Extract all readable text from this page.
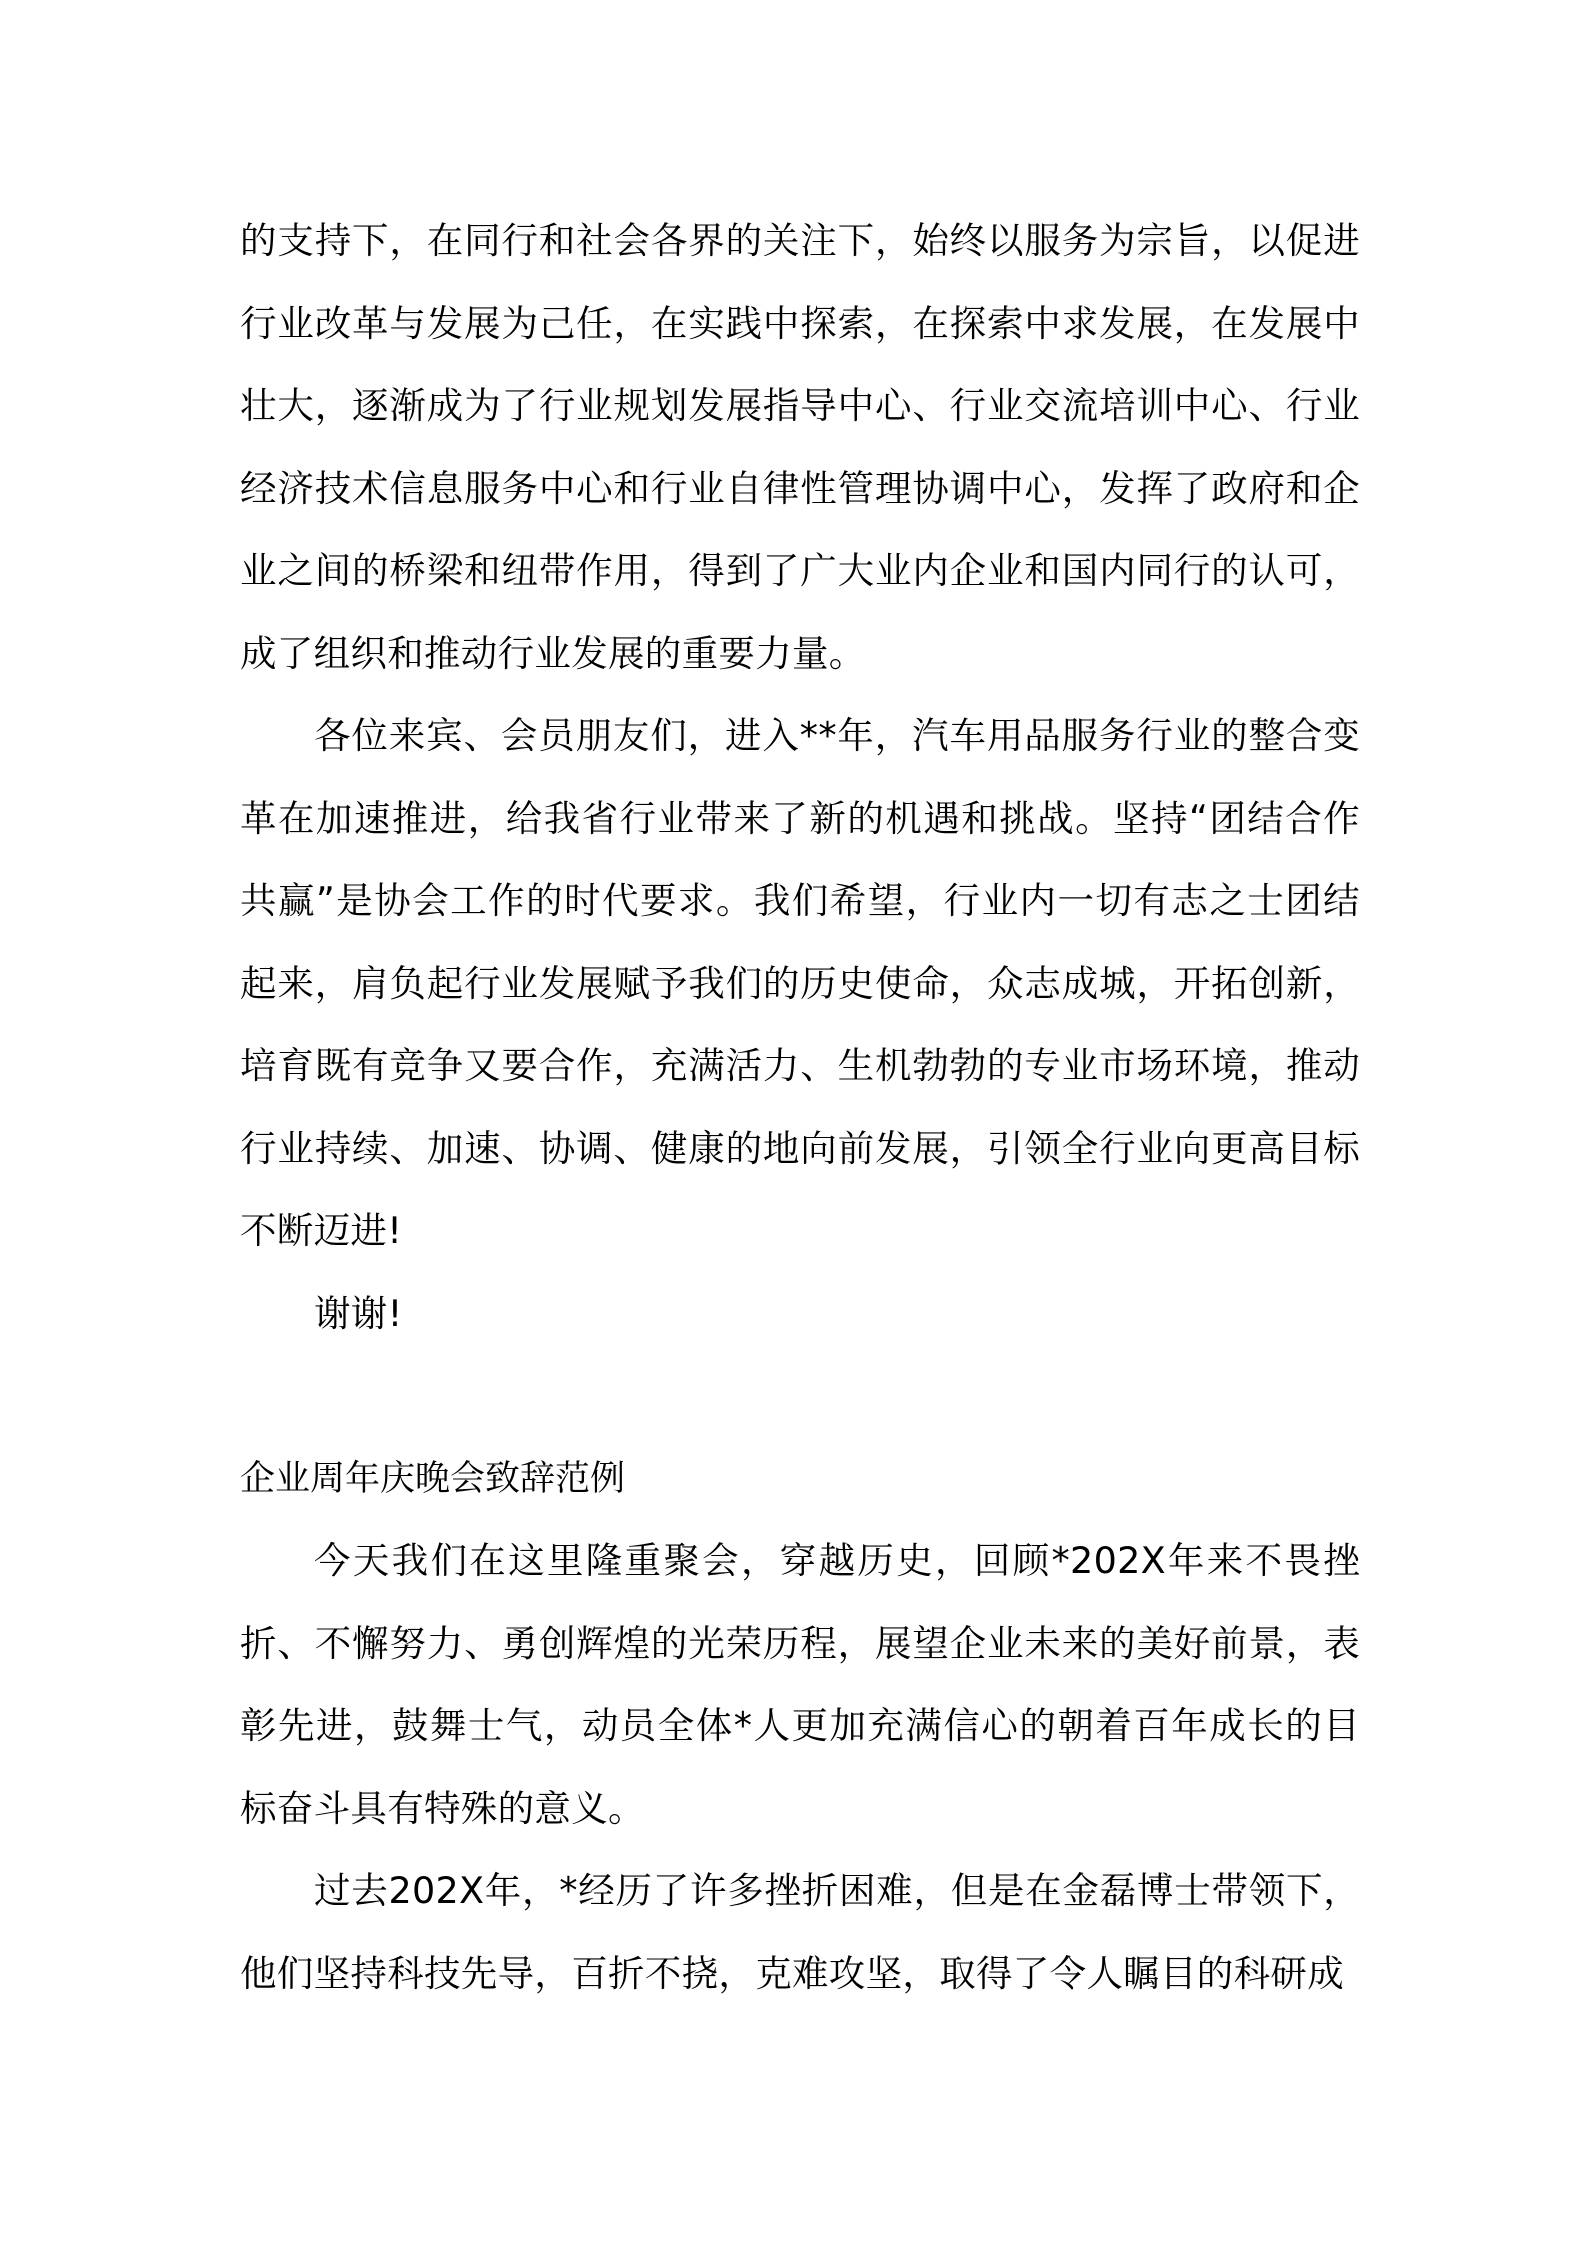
的支持下，在同行和社会各界的关注下，始终以服务为宗旨，以促进行业改革与发展为己任，在实践中探索，在探索中求发展，在发展中壮大，逐渐成为了行业规划发展指导中心、行业交流培训中心、行业经济技术信息服务中心和行业自律性管理协调中心，发挥了政府和企业之间的桥梁和纽带作用，得到了广大业内企业和国内同行的认可，成了组织和推动行业发展的重要力量。

各位来宾、会员朋友们，进入**年，汽车用品服务行业的整合变革在加速推进，给我省行业带来了新的机遇和挑战。坚持“团结合作共赢”是协会工作的时代要求。我们希望，行业内一切有志之士团结起来，肩负起行业发展赋予我们的历史使命，众志成城，开拓创新，培育既有竞争又要合作，充满活力、生机勃勃的专业市场环境，推动行业持续、加速、协调、健康的地向前发展，引领全行业向更高目标不断迈进!

谢谢!

企业周年庆晚会致辞范例

今天我们在这里隆重聚会，穿越历史，回顾*202X年来不畏挫折、不懈努力、勇创辉煌的光荣历程，展望企业未来的美好前景，表彰先进，鼓舞士气，动员全体*人更加充满信心的朝着百年成长的目标奋斗具有特殊的意义。

过去202X年，*经历了许多挫折困难，但是在金磊博士带领下，他们坚持科技先导，百折不挠，克难攻坚，取得了令人瞩目的科研成
